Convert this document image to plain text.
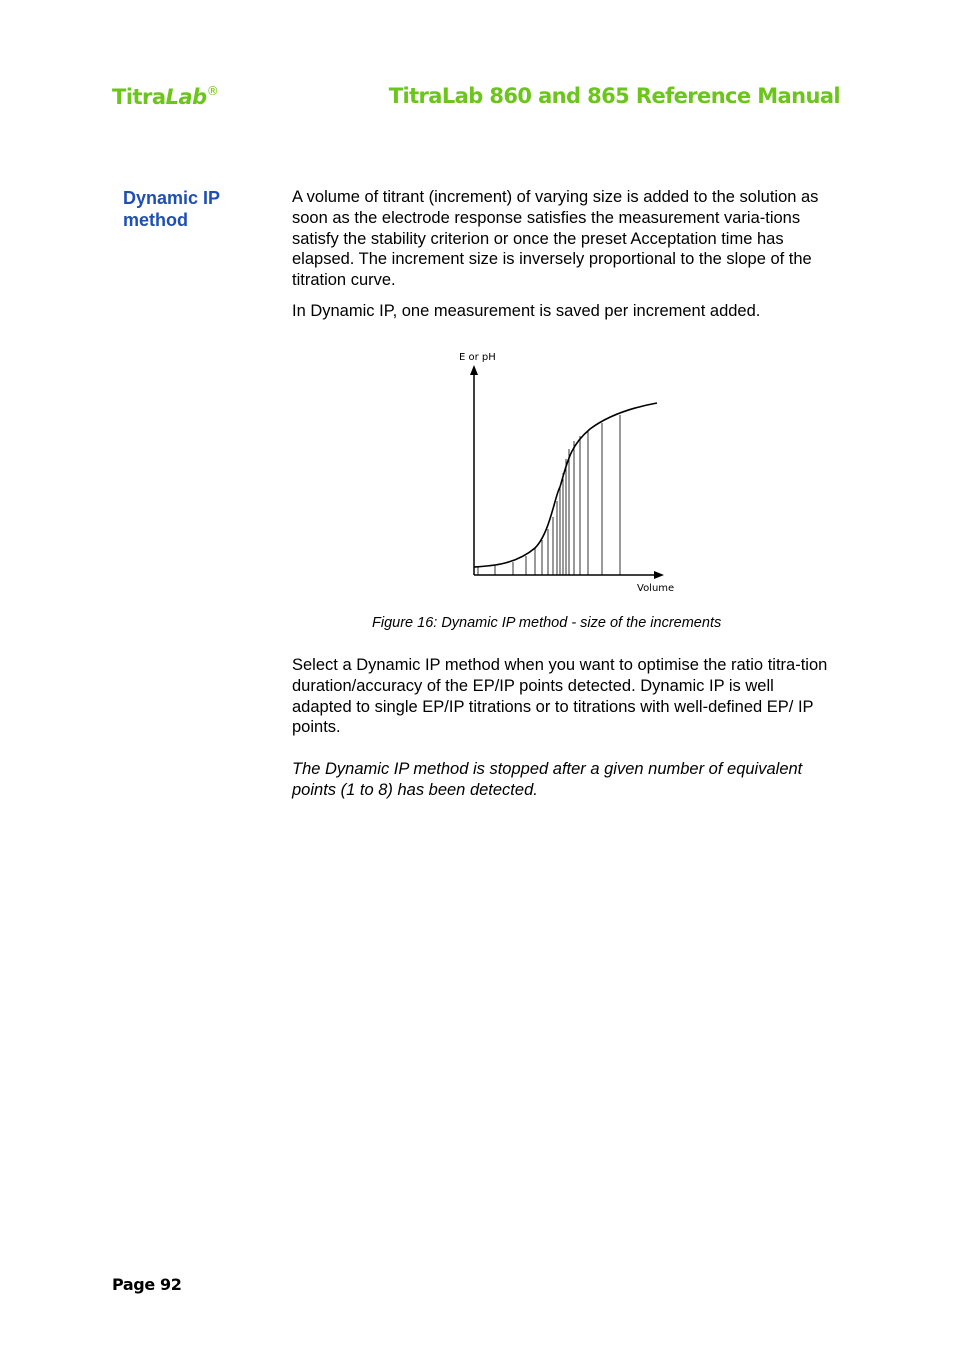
TitraLab®	TitraLab 860 and 865 Reference Manual
Dynamic IP method

A volume of titrant (increment) of varying size is added to the solution as soon as the electrode response satisfies the measurement varia-tions satisfy the stability criterion or once the preset Acceptation time has elapsed. The increment size is inversely proportional to the slope of the titration curve.

In Dynamic IP, one measurement is saved per increment added.

E or pH
Volume
Figure 16: Dynamic IP method - size of the increments

Select a Dynamic IP method when you want to optimise the ratio titra-tion duration/accuracy of the EP/IP points detected. Dynamic IP is well adapted to single EP/IP titrations or to titrations with well-defined EP/ IP points.

The Dynamic IP method is stopped after a given number of equivalent points (1 to 8) has been detected.

Page 92
